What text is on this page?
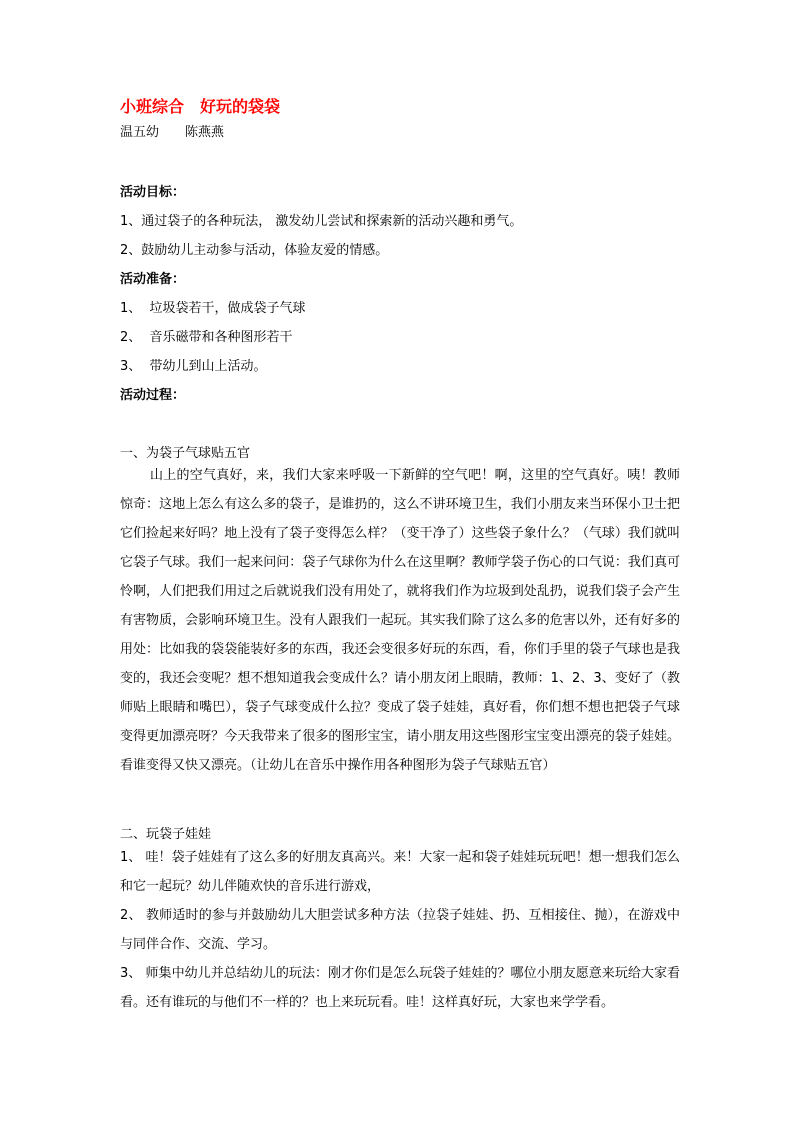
小班综合　好玩的袋袋
温五幼　　陈燕燕
活动目标：
1、通过袋子的各种玩法， 激发幼儿尝试和探索新的活动兴趣和勇气。
2、鼓励幼儿主动参与活动，体验友爱的情感。
活动准备：
1、  垃圾袋若干，做成袋子气球
2、  音乐磁带和各种图形若干
3、  带幼儿到山上活动。
活动过程：
一、为袋子气球贴五官
山上的空气真好，来，我们大家来呼吸一下新鲜的空气吧！啊，这里的空气真好。咦！教师惊奇：这地上怎么有这么多的袋子，是谁扔的，这么不讲环境卫生，我们小朋友来当环保小卫士把它们捡起来好吗？地上没有了袋子变得怎么样？（变干净了）这些袋子象什么？（气球）我们就叫它袋子气球。我们一起来问问：袋子气球你为什么在这里啊？教师学袋子伤心的口气说：我们真可怜啊，人们把我们用过之后就说我们没有用处了，就将我们作为垃圾到处乱扔，说我们袋子会产生有害物质，会影响环境卫生。没有人跟我们一起玩。其实我们除了这么多的危害以外，还有好多的用处：比如我的袋袋能装好多的东西，我还会变很多好玩的东西，看，你们手里的袋子气球也是我变的，我还会变呢？想不想知道我会变成什么？请小朋友闭上眼睛，教师：1、2、3、变好了（教师贴上眼睛和嘴巴），袋子气球变成什么拉？变成了袋子娃娃，真好看，你们想不想也把袋子气球变得更加漂亮呀？今天我带来了很多的图形宝宝，请小朋友用这些图形宝宝变出漂亮的袋子娃娃。看谁变得又快又漂亮。（让幼儿在音乐中操作用各种图形为袋子气球贴五官）
二、玩袋子娃娃
1、 哇！袋子娃娃有了这么多的好朋友真高兴。来！大家一起和袋子娃娃玩玩吧！想一想我们怎么和它一起玩？幼儿伴随欢快的音乐进行游戏，
2、 教师适时的参与并鼓励幼儿大胆尝试多种方法（拉袋子娃娃、扔、互相接住、抛），在游戏中与同伴合作、交流、学习。
3、 师集中幼儿并总结幼儿的玩法：刚才你们是怎么玩袋子娃娃的？哪位小朋友愿意来玩给大家看看。还有谁玩的与他们不一样的？也上来玩玩看。哇！这样真好玩，大家也来学学看。
